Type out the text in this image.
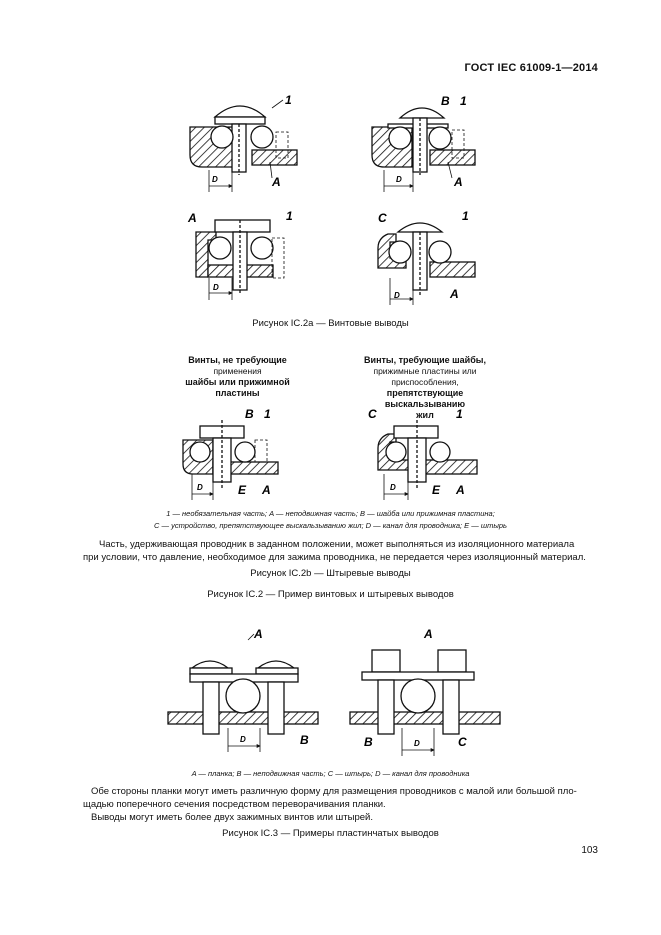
ГОСТ IEC 61009-1—2014
1
A
D
B 1
A
D
A	1
D
C	1
A
D
B 1
E A
D
C	1
E A
D
A
B
D
A
B	C
D
Рисунок IC.2a — Винтовые выводы
Винты, не требующие
применения
шайбы или прижимной пластины
Винты, требующие шайбы,
прижимные пластины или приспособления,
препятствующие выскальзыванию
жил
1 — необязательная часть; A — неподвижная часть; B — шайба или прижимная пластина;
C — устройство, препятствующее выскальзыванию жил; D — канал для проводника; E — штырь
Часть, удерживающая проводник в заданном положении, может выполняться из изоляционного материала
при условии, что давление, необходимое для зажима проводника, не передается через изоляционный материал.
Рисунок IC.2b — Штыревые выводы
Рисунок IC.2 — Пример винтовых и штыревых выводов
A — планка; B — неподвижная часть; C — штырь; D — канал для проводника
Обе стороны планки могут иметь различную форму для размещения проводников с малой или большой пло-
щадью поперечного сечения посредством переворачивания планки.
Выводы могут иметь более двух зажимных винтов или штырей.
Рисунок IC.3 — Примеры пластинчатых выводов
103
